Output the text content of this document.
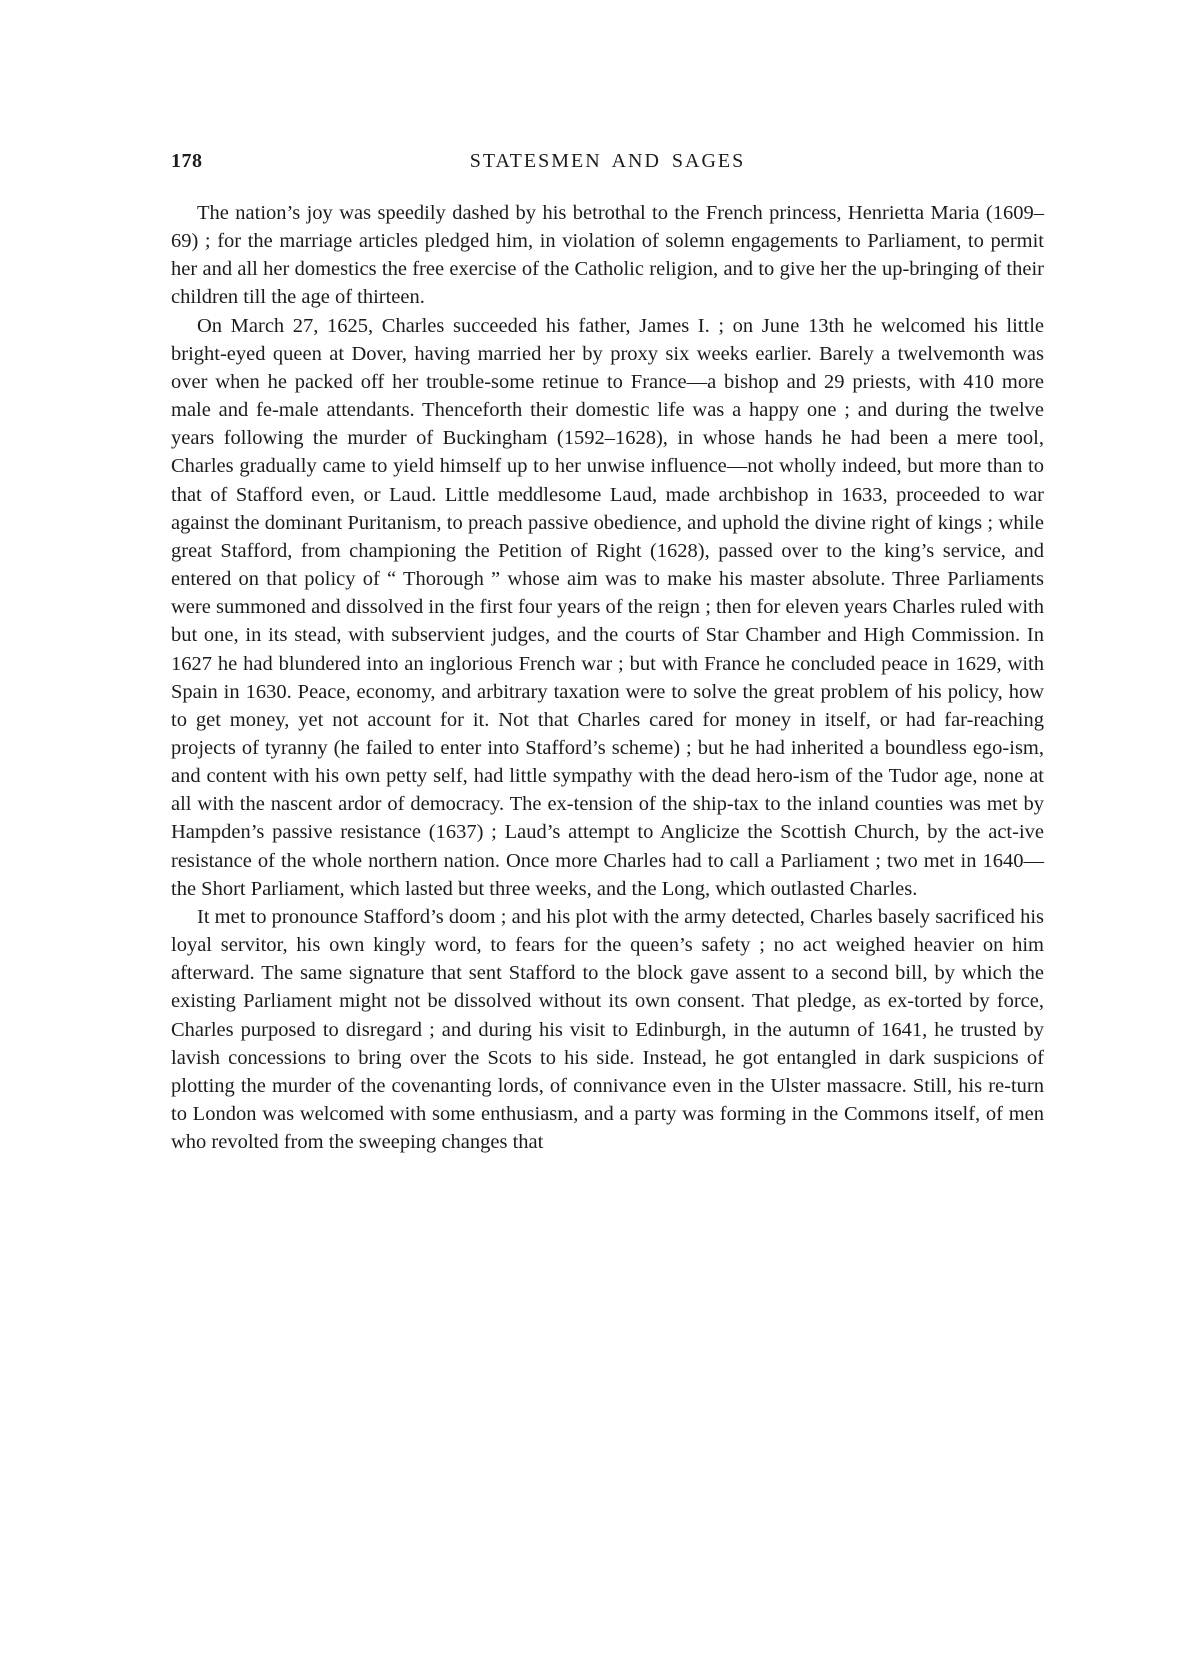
178	STATESMEN AND SAGES

The nation’s joy was speedily dashed by his betrothal to the French princess, Henrietta Maria (1609–69) ; for the marriage articles pledged him, in violation of solemn engagements to Parliament, to permit her and all her domestics the free exercise of the Catholic religion, and to give her the up-bringing of their children till the age of thirteen.

On March 27, 1625, Charles succeeded his father, James I. ; on June 13th he welcomed his little bright-eyed queen at Dover, having married her by proxy six weeks earlier. Barely a twelvemonth was over when he packed off her trouble-some retinue to France—a bishop and 29 priests, with 410 more male and fe-male attendants. Thenceforth their domestic life was a happy one ; and during the twelve years following the murder of Buckingham (1592–1628), in whose hands he had been a mere tool, Charles gradually came to yield himself up to her unwise influence—not wholly indeed, but more than to that of Stafford even, or Laud. Little meddlesome Laud, made archbishop in 1633, proceeded to war against the dominant Puritanism, to preach passive obedience, and uphold the divine right of kings ; while great Stafford, from championing the Petition of Right (1628), passed over to the king’s service, and entered on that policy of “ Thorough ” whose aim was to make his master absolute. Three Parliaments were summoned and dissolved in the first four years of the reign ; then for eleven years Charles ruled with but one, in its stead, with subservient judges, and the courts of Star Chamber and High Commission. In 1627 he had blundered into an inglorious French war ; but with France he concluded peace in 1629, with Spain in 1630. Peace, economy, and arbitrary taxation were to solve the great problem of his policy, how to get money, yet not account for it. Not that Charles cared for money in itself, or had far-reaching projects of tyranny (he failed to enter into Stafford’s scheme) ; but he had inherited a boundless ego-ism, and content with his own petty self, had little sympathy with the dead hero-ism of the Tudor age, none at all with the nascent ardor of democracy. The ex-tension of the ship-tax to the inland counties was met by Hampden’s passive resistance (1637) ; Laud’s attempt to Anglicize the Scottish Church, by the act-ive resistance of the whole northern nation. Once more Charles had to call a Parliament ; two met in 1640—the Short Parliament, which lasted but three weeks, and the Long, which outlasted Charles.

It met to pronounce Stafford’s doom ; and his plot with the army detected, Charles basely sacrificed his loyal servitor, his own kingly word, to fears for the queen’s safety ; no act weighed heavier on him afterward. The same signature that sent Stafford to the block gave assent to a second bill, by which the existing Parliament might not be dissolved without its own consent. That pledge, as ex-torted by force, Charles purposed to disregard ; and during his visit to Edinburgh, in the autumn of 1641, he trusted by lavish concessions to bring over the Scots to his side. Instead, he got entangled in dark suspicions of plotting the murder of the covenanting lords, of connivance even in the Ulster massacre. Still, his re-turn to London was welcomed with some enthusiasm, and a party was forming in the Commons itself, of men who revolted from the sweeping changes that
